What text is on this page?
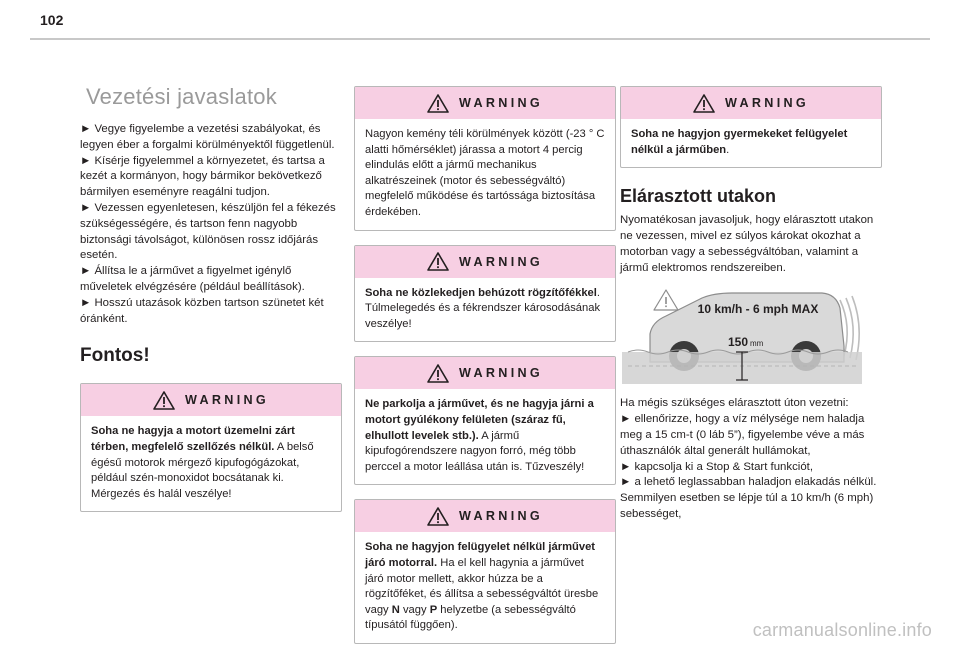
102
Vezetési javaslatok
► Vegye figyelembe a vezetési szabályokat, és legyen éber a forgalmi körülményektől függetlenül.
► Kísérje figyelemmel a környezetet, és tartsa a kezét a kormányon, hogy bármikor bekövetkező bármilyen eseményre reagálni tudjon.
► Vezessen egyenletesen, készüljön fel a fékezés szükségességére, és tartson fenn nagyobb biztonsági távolságot, különösen rossz időjárás esetén.
► Állítsa le a járművet a figyelmet igénylő műveletek elvégzésére (például beállítások).
► Hosszú utazások közben tartson szünetet két óránként.
Fontos!
WARNING
Soha ne hagyja a motort üzemelni zárt térben, megfelelő szellőzés nélkül. A belső égésű motorok mérgező kipufogógázokat, például szén-monoxidot bocsátanak ki. Mérgezés és halál veszélye!
WARNING
Nagyon kemény téli körülmények között (-23 ° C alatti hőmérséklet) járassa a motort 4 percig elindulás előtt a jármű mechanikus alkatrészeinek (motor és sebességváltó) megfelelő működése és tartóssága biztosítása érdekében.
WARNING
Soha ne közlekedjen behúzott rögzítőfékkel. Túlmelegedés és a fékrendszer károsodásának veszélye!
WARNING
Ne parkolja a járművet, és ne hagyja járni a motort gyúlékony felületen (száraz fű, elhullott levelek stb.). A jármű kipufogórendszere nagyon forró, még több perccel a motor leállása után is. Tűzveszély!
WARNING
Soha ne hagyjon felügyelet nélkül járművet járó motorral. Ha el kell hagynia a járművet járó motor mellett, akkor húzza be a rögzítőféket, és állítsa a sebességváltót üresbe vagy N vagy P helyzetbe (a sebességváltó típusától függően).
WARNING
Soha ne hagyjon gyermekeket felügyelet nélkül a járműben.
Elárasztott utakon
Nyomatékosan javasoljuk, hogy elárasztott utakon ne vezessen, mivel ez súlyos károkat okozhat a motorban vagy a sebességváltóban, valamint a jármű elektromos rendszereiben.
10 km/h - 6 mph MAX
150 mm
Ha mégis szükséges elárasztott úton vezetni:
► ellenőrizze, hogy a víz mélysége nem haladja meg a 15 cm-t (0 láb 5”), figyelembe véve a más úthasználók által generált hullámokat,
► kapcsolja ki a Stop & Start funkciót,
► a lehető leglassabban haladjon elakadás nélkül. Semmilyen esetben se lépje túl a 10 km/h (6 mph) sebességet,
carmanualsonline.info
